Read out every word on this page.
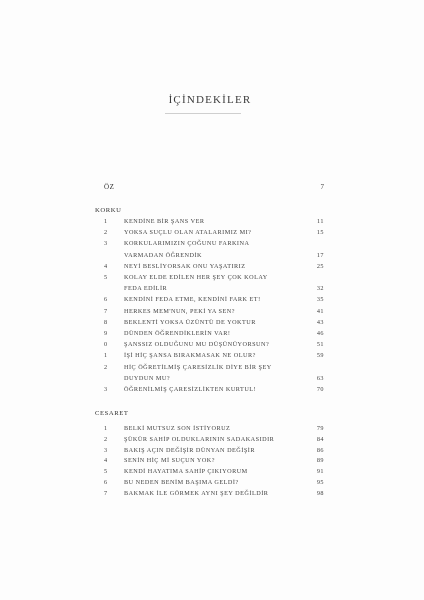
İÇİNDEKİLER
ÖZ	7
KORKU
1	KENDİNE BİR ŞANS VER	11
2	YOKSA SUÇLU OLAN ATALARIMIZ MI?	15
3	KORKULARIMIZIN ÇOĞUNU FARKINA
VARMADAN ÖĞRENDİK	17
4	NEYİ BESLİYORSAK ONU YAŞATIRIZ	25
5	KOLAY ELDE EDİLEN HER ŞEY ÇOK KOLAY
FEDA EDİLİR	32
6	KENDİNİ FEDA ETME, KENDİNİ FARK ET!	35
7	HERKES MEM'NUN, PEKİ YA SEN?	41
8	BEKLENTİ YOKSA ÜZÜNTÜ DE YOKTUR	43
9	DÜNDEN ÖĞRENDİKLERİN VAR!	46
0	ŞANSSIZ OLDUĞUNU MU DÜŞÜNÜYORSUN?	51
1	İŞİ HİÇ ŞANSA BIRAKMASAK NE OLUR?	59
2	HİÇ ÖĞRETİLMİŞ ÇARESİZLİK DİYE BİR ŞEY
DUYDUN MU?	63
3	ÖĞRENİLMİŞ ÇARESİZLİKTEN KURTUL!	70
CESARET
1	BELKİ MUTSUZ SON İSTİYORUZ	79
2	ŞÜKÜR SAHİP OLDUKLARININ SADAKASIDIR	84
3	BAKIŞ AÇIN DEĞİŞİR DÜNYAN DEĞİŞİR	86
4	SENİN HİÇ Mİ SUÇUN YOK?	89
5	KENDİ HAYATIMA SAHİP ÇIKIYORUM	91
6	BU NEDEN BENİM BAŞIMA GELDİ?	95
7	BAKMAK İLE GÖRMEK AYNI ŞEY DEĞİLDİR	98
